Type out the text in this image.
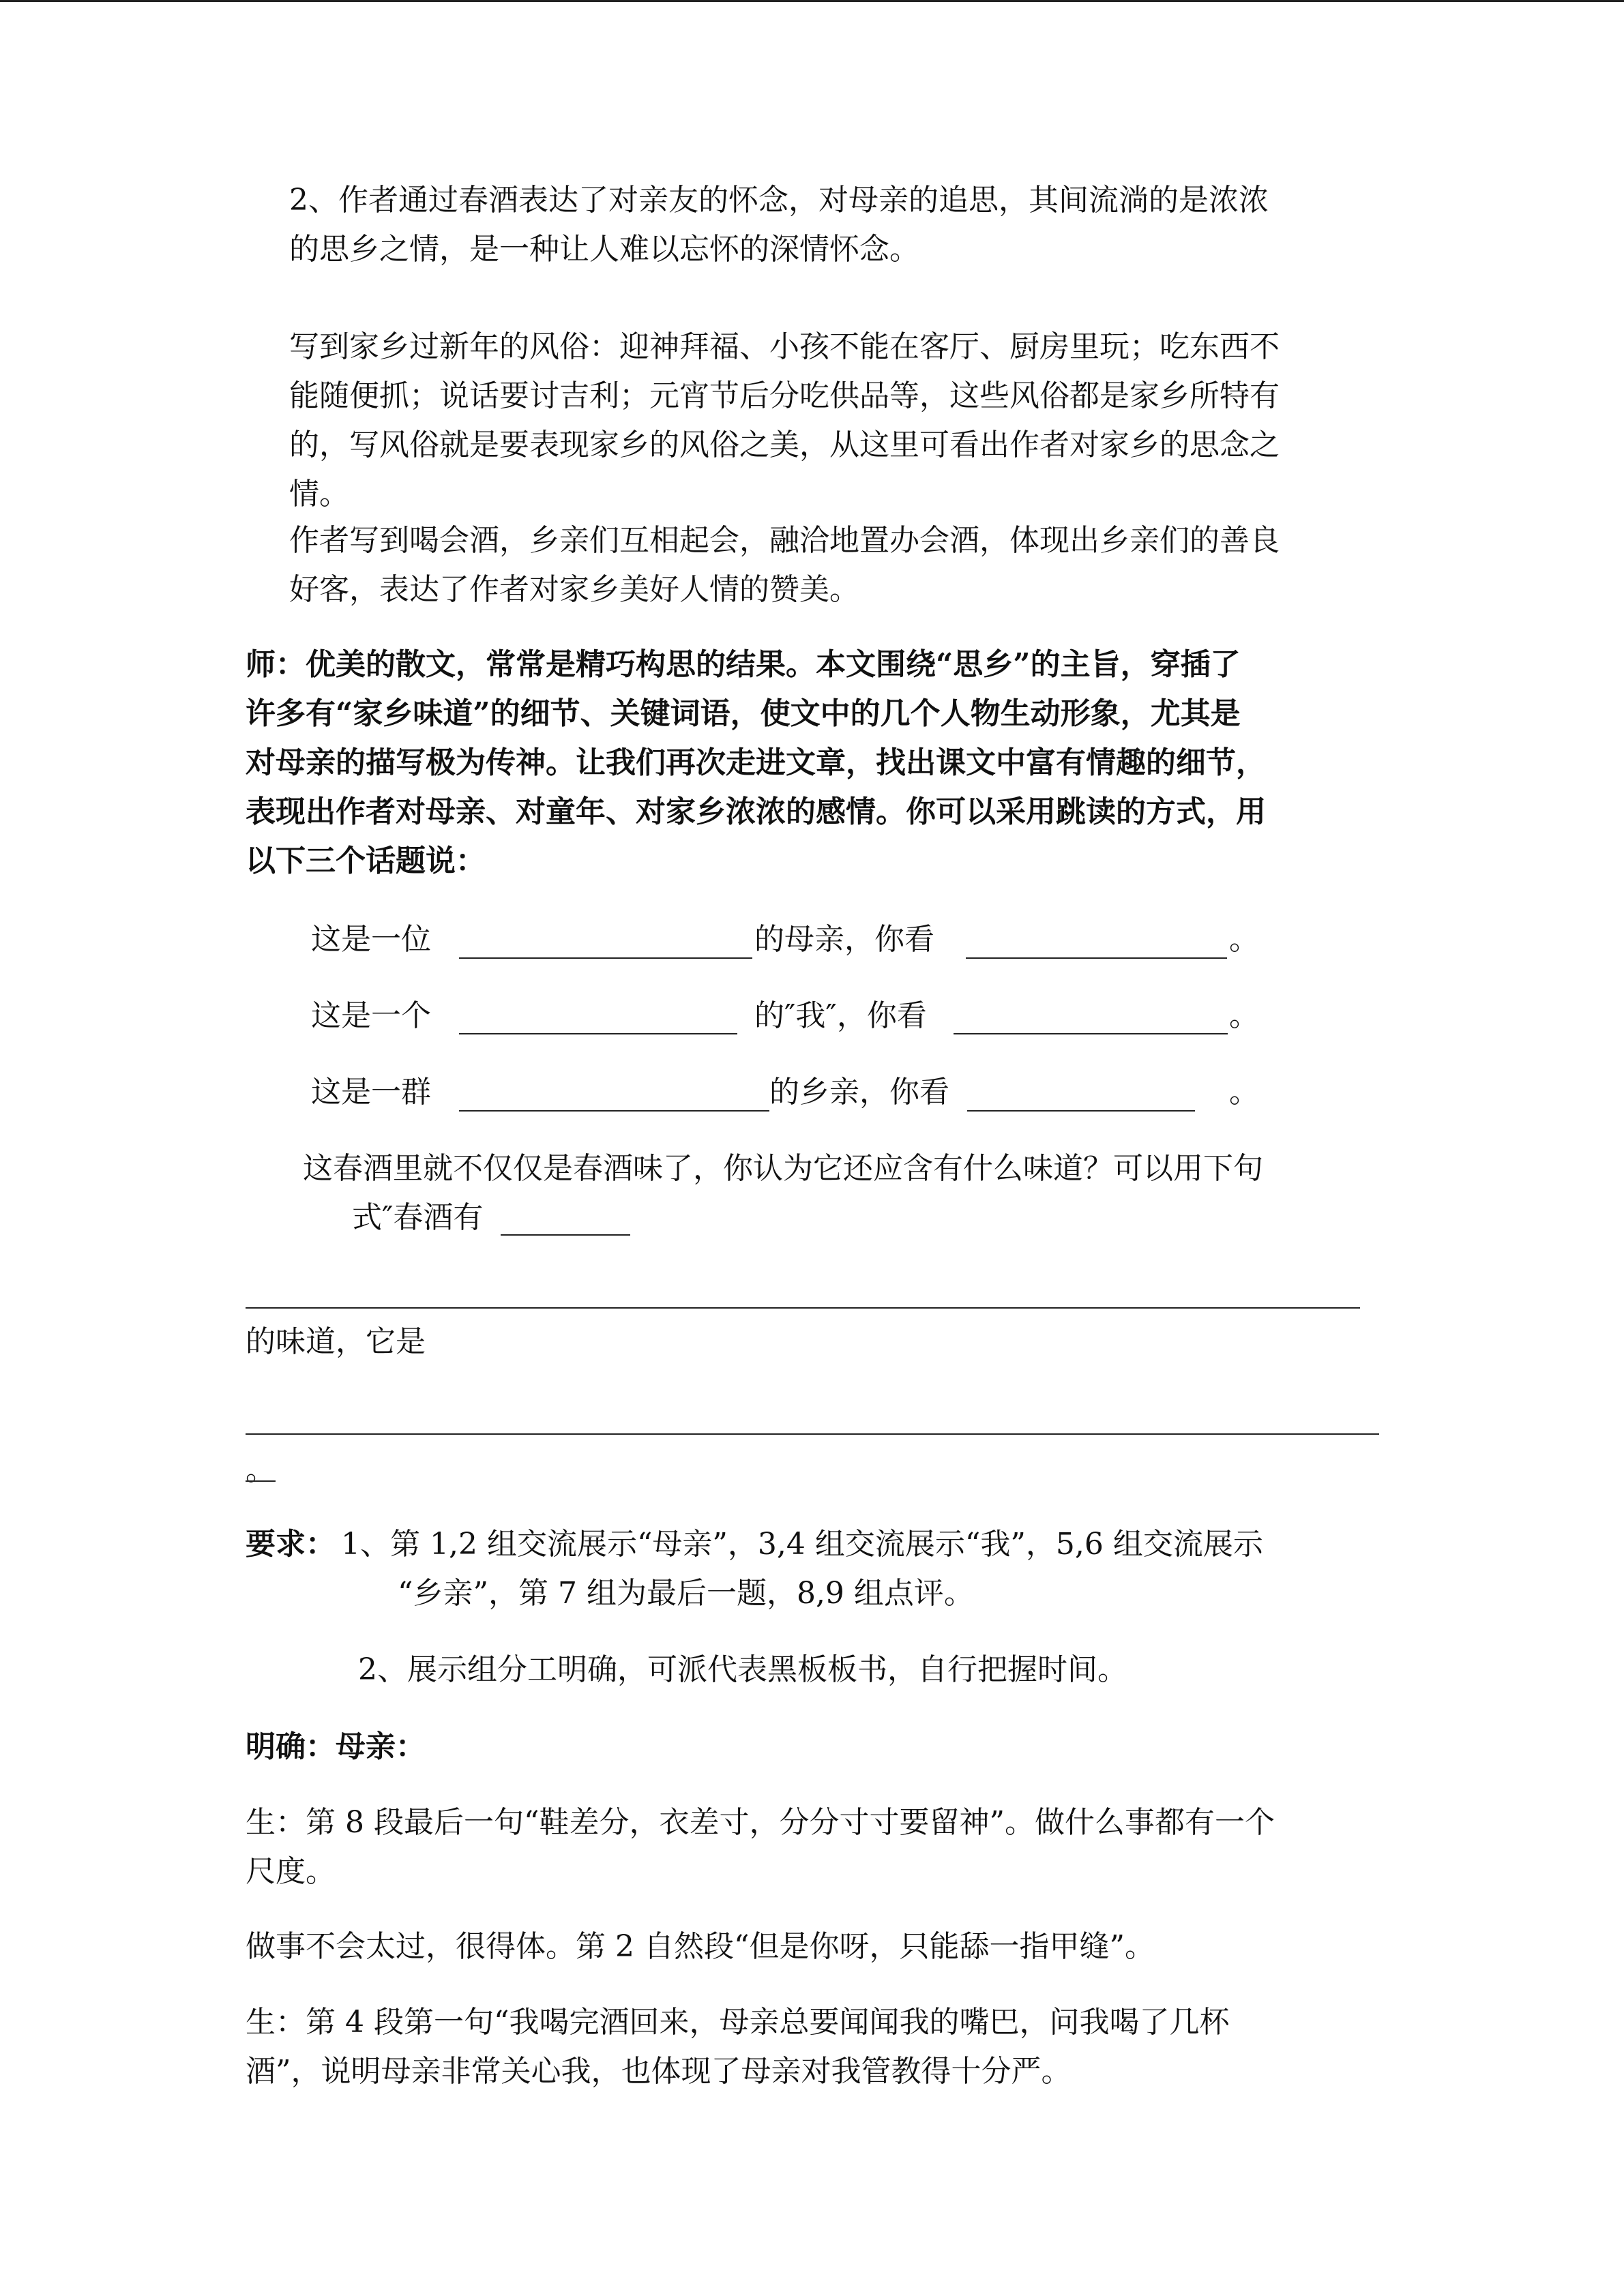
2、作者通过春酒表达了对亲友的怀念，对母亲的追思，其间流淌的是浓浓

的思乡之情，是一种让人难以忘怀的深情怀念。

写到家乡过新年的风俗：迎神拜福、小孩不能在客厅、厨房里玩；吃东西不

能随便抓；说话要讨吉利；元宵节后分吃供品等，这些风俗都是家乡所特有

的，写风俗就是要表现家乡的风俗之美，从这里可看出作者对家乡的思念之

情。

作者写到喝会酒，乡亲们互相起会，融洽地置办会酒，体现出乡亲们的善良

好客，表达了作者对家乡美好人情的赞美。

师：优美的散文，常常是精巧构思的结果。本文围绕“思乡”的主旨，穿插了

许多有“家乡味道”的细节、关键词语，使文中的几个人物生动形象，尤其是

对母亲的描写极为传神。让我们再次走进文章，找出课文中富有情趣的细节，

表现出作者对母亲、对童年、对家乡浓浓的感情。你可以采用跳读的方式，用

以下三个话题说：

这是一位	的母亲，你看	。
这是一个	的″我″，你看	。
这是一群	的乡亲，你看	。

这春酒里就不仅仅是春酒味了，你认为它还应含有什么味道？可以用下句

式″春酒有

的味道，它是

。
要求： 1、第 1,2 组交流展示“母亲”，3,4 组交流展示“我”，5,6 组交流展示

“乡亲”，第 7 组为最后一题，8,9 组点评。

2、展示组分工明确，可派代表黑板板书，自行把握时间。

明确：母亲：

生：第 8 段最后一句“鞋差分，衣差寸，分分寸寸要留神”。做什么事都有一个

尺度。

做事不会太过，很得体。第 2 自然段“但是你呀，只能舔一指甲缝”。

生：第 4 段第一句“我喝完酒回来，母亲总要闻闻我的嘴巴，问我喝了几杯

酒”，说明母亲非常关心我，也体现了母亲对我管教得十分严。
